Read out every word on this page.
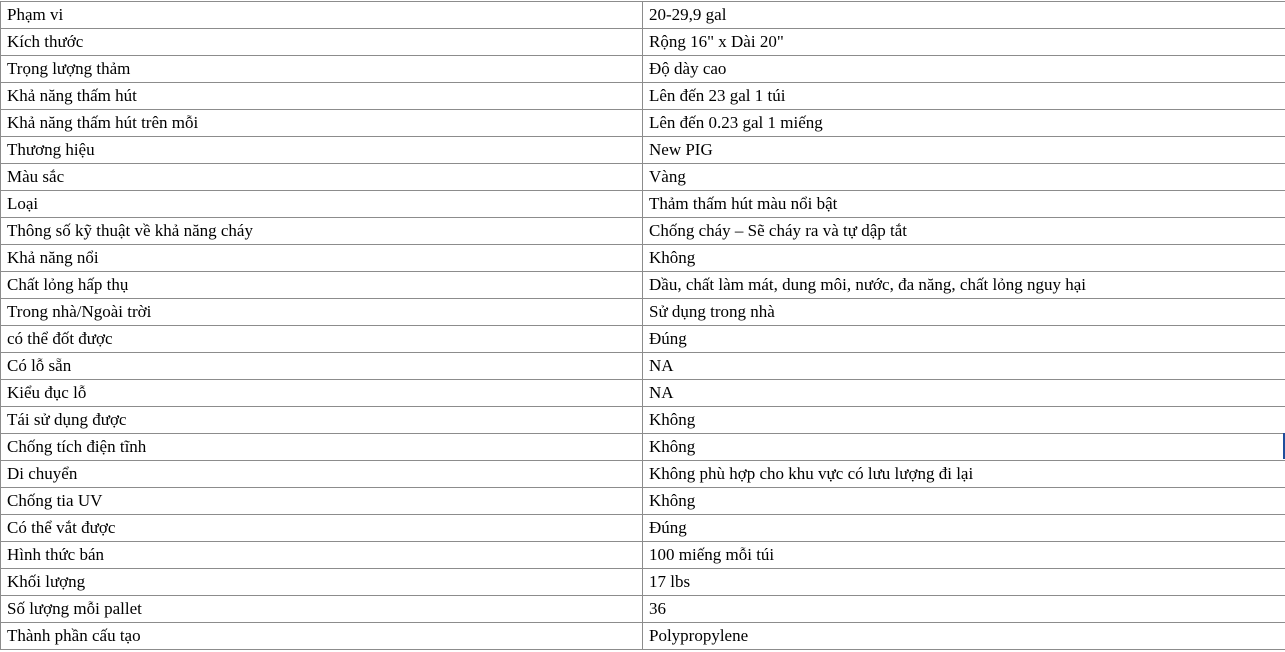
Phạm vi	20-29,9 gal
Kích thước	Rộng 16" x Dài 20"
Trọng lượng thảm	Độ dày cao
Khả năng thấm hút	Lên đến 23 gal 1 túi
Khả năng thấm hút trên mỗi	Lên đến 0.23 gal 1 miếng
Thương hiệu	New PIG
Màu sắc	Vàng
Loại	Thảm thấm hút màu nổi bật
Thông số kỹ thuật về khả năng cháy	Chống cháy – Sẽ cháy ra và tự dập tắt
Khả năng nổi	Không
Chất lỏng hấp thụ	Dầu, chất làm mát, dung môi, nước, đa năng, chất lỏng nguy hại
Trong nhà/Ngoài trời	Sử dụng trong nhà
có thể đốt được	Đúng
Có lỗ sẵn	NA
Kiểu đục lỗ	NA
Tái sử dụng được	Không
Chống tích điện tĩnh	Không
Di chuyển	Không phù hợp cho khu vực có lưu lượng đi lại
Chống tia UV	Không
Có thể vắt được	Đúng
Hình thức bán	100 miếng mỗi túi
Khối lượng	17 lbs
Số lượng mỗi pallet	36
Thành phần cấu tạo	Polypropylene
